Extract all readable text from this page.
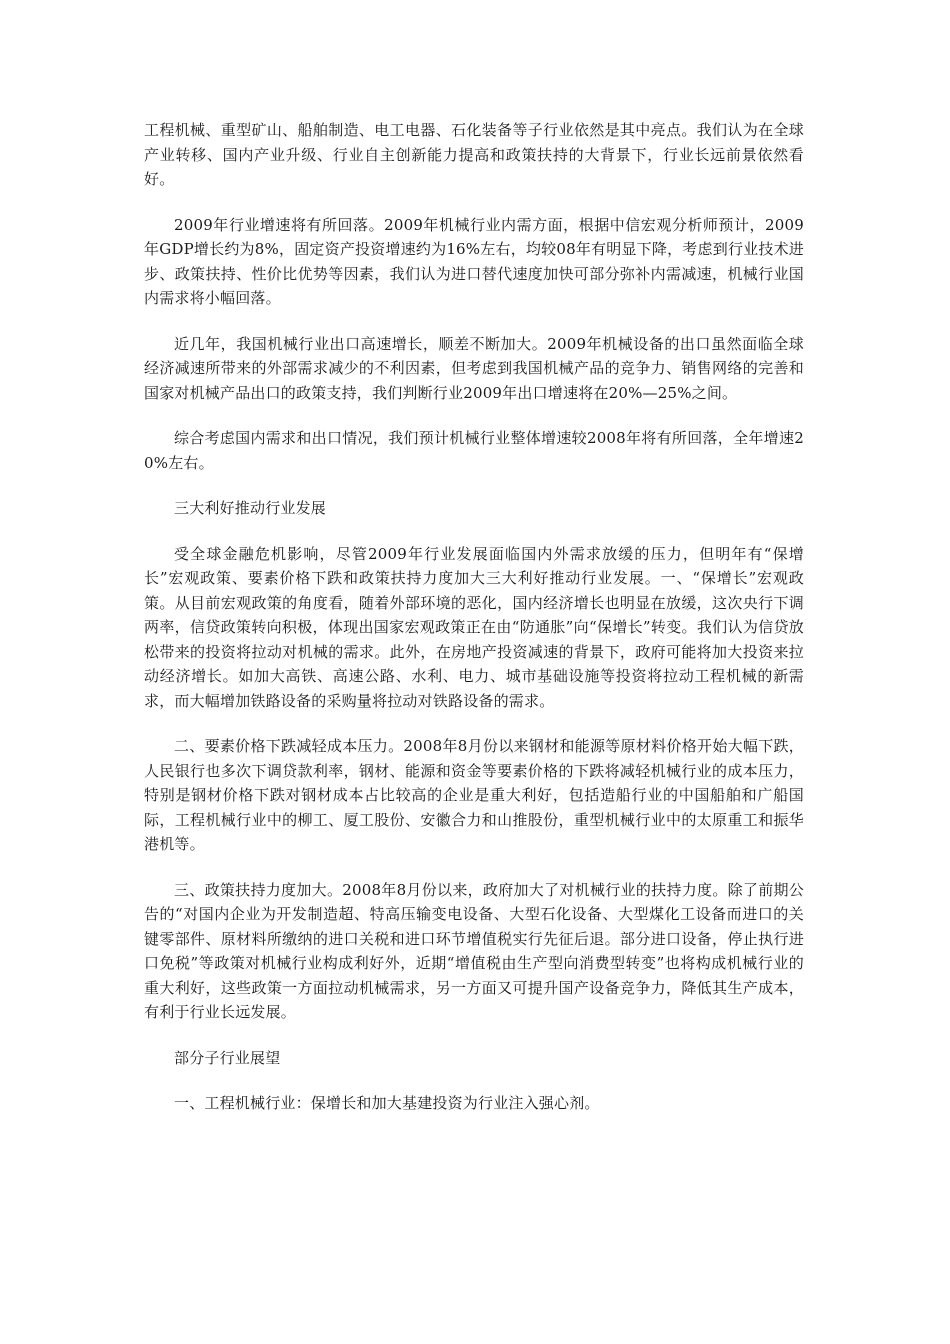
工程机械、重型矿山、船舶制造、电工电器、石化装备等子行业依然是其中亮点。我们认为在全球产业转移、国内产业升级、行业自主创新能力提高和政策扶持的大背景下，行业长远前景依然看好。

2009年行业增速将有所回落。2009年机械行业内需方面，根据中信宏观分析师预计，2009年GDP增长约为8%，固定资产投资增速约为16%左右，均较08年有明显下降，考虑到行业技术进步、政策扶持、性价比优势等因素，我们认为进口替代速度加快可部分弥补内需减速，机械行业国内需求将小幅回落。

近几年，我国机械行业出口高速增长，顺差不断加大。2009年机械设备的出口虽然面临全球经济减速所带来的外部需求减少的不利因素，但考虑到我国机械产品的竞争力、销售网络的完善和国家对机械产品出口的政策支持，我们判断行业2009年出口增速将在20%—25%之间。

综合考虑国内需求和出口情况，我们预计机械行业整体增速较2008年将有所回落，全年增速20%左右。

三大利好推动行业发展

受全球金融危机影响，尽管2009年行业发展面临国内外需求放缓的压力，但明年有“保增长”宏观政策、要素价格下跌和政策扶持力度加大三大利好推动行业发展。一、“保增长”宏观政策。从目前宏观政策的角度看，随着外部环境的恶化，国内经济增长也明显在放缓，这次央行下调两率，信贷政策转向积极，体现出国家宏观政策正在由“防通胀”向“保增长”转变。我们认为信贷放松带来的投资将拉动对机械的需求。此外，在房地产投资减速的背景下，政府可能将加大投资来拉动经济增长。如加大高铁、高速公路、水利、电力、城市基础设施等投资将拉动工程机械的新需求，而大幅增加铁路设备的采购量将拉动对铁路设备的需求。

二、要素价格下跌减轻成本压力。2008年8月份以来钢材和能源等原材料价格开始大幅下跌，人民银行也多次下调贷款利率，钢材、能源和资金等要素价格的下跌将减轻机械行业的成本压力，特别是钢材价格下跌对钢材成本占比较高的企业是重大利好，包括造船行业的中国船舶和广船国际，工程机械行业中的柳工、厦工股份、安徽合力和山推股份，重型机械行业中的太原重工和振华港机等。

三、政策扶持力度加大。2008年8月份以来，政府加大了对机械行业的扶持力度。除了前期公告的“对国内企业为开发制造超、特高压输变电设备、大型石化设备、大型煤化工设备而进口的关键零部件、原材料所缴纳的进口关税和进口环节增值税实行先征后退。部分进口设备，停止执行进口免税”等政策对机械行业构成利好外，近期“增值税由生产型向消费型转变”也将构成机械行业的重大利好，这些政策一方面拉动机械需求，另一方面又可提升国产设备竞争力，降低其生产成本，有利于行业长远发展。

部分子行业展望

一、工程机械行业：保增长和加大基建投资为行业注入强心剂。
